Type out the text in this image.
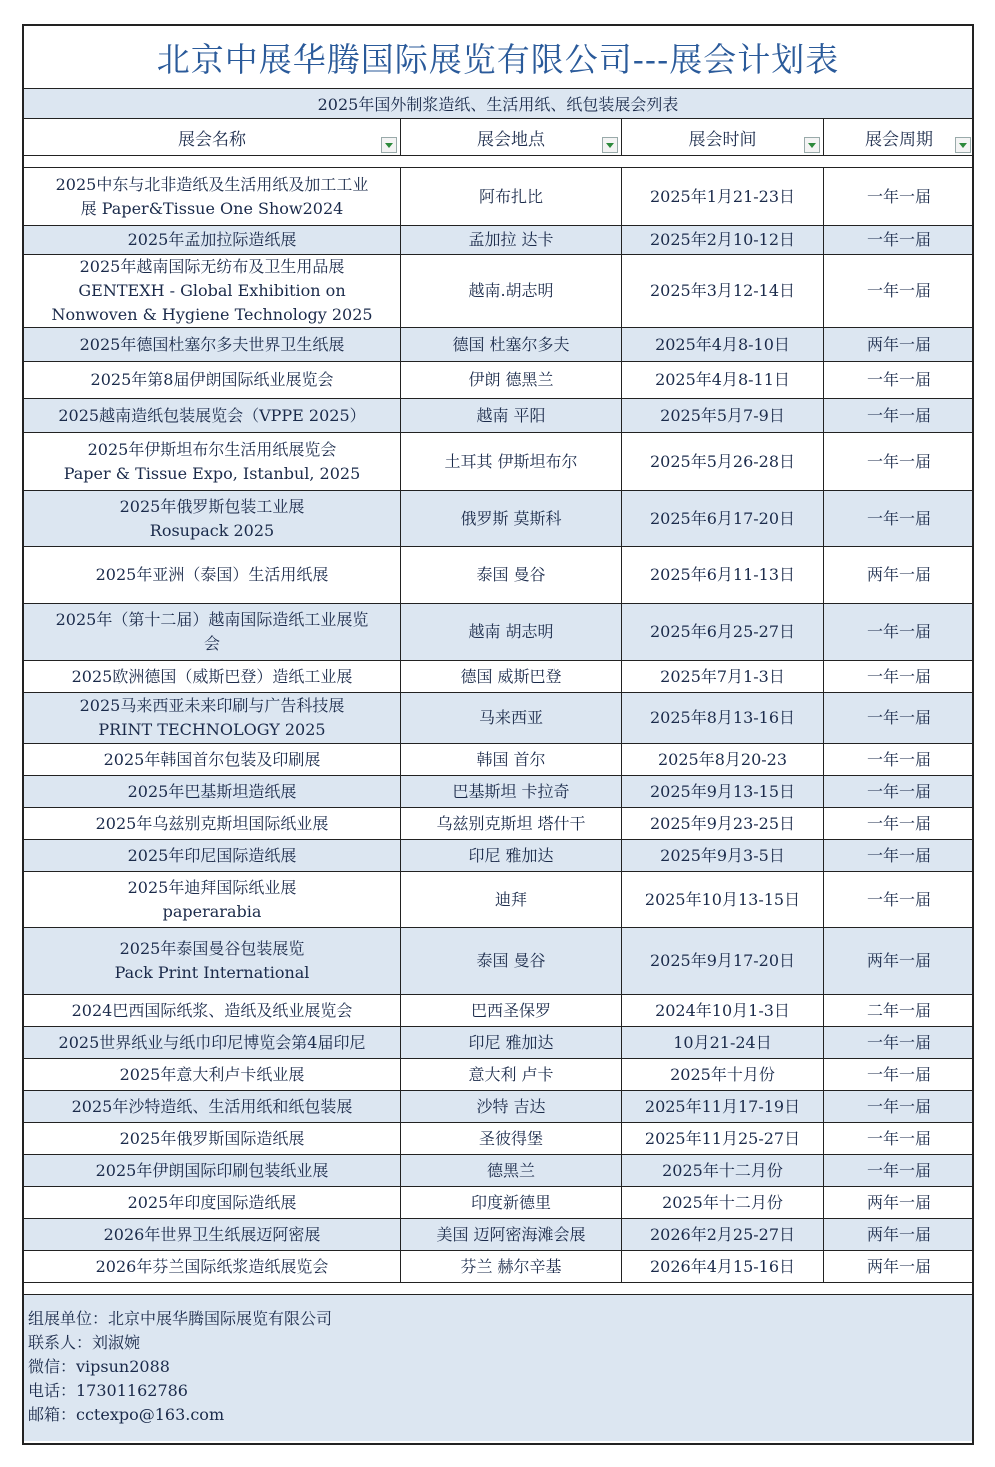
北京中展华腾国际展览有限公司---展会计划表
2025年国外制浆造纸、生活用纸、纸包装展会列表
展会名称	展会地点	展会时间	展会周期
2025中东与北非造纸及生活用纸及加工工业
展 Paper&Tissue One Show2024
阿布扎比	2025年1月21-23日	一年一届
2025年孟加拉际造纸展	孟加拉 达卡	2025年2月10-12日	一年一届
2025年越南国际无纺布及卫生用品展
GENTEXH - Global Exhibition on
Nonwoven & Hygiene Technology 2025
越南.胡志明	2025年3月12-14日	一年一届
2025年德国杜塞尔多夫世界卫生纸展	德国 杜塞尔多夫	2025年4月8-10日	两年一届
2025年第8届伊朗国际纸业展览会	伊朗 德黑兰	2025年4月8-11日	一年一届
2025越南造纸包装展览会（VPPE 2025）	越南 平阳	2025年5月7-9日	一年一届
2025年伊斯坦布尔生活用纸展览会
Paper & Tissue Expo, Istanbul, 2025
土耳其 伊斯坦布尔	2025年5月26-28日	一年一届
2025年俄罗斯包装工业展
Rosupack 2025
俄罗斯 莫斯科	2025年6月17-20日	一年一届
2025年亚洲（泰国）生活用纸展	泰国 曼谷	2025年6月11-13日	两年一届
2025年（第十二届）越南国际造纸工业展览
会
越南 胡志明	2025年6月25-27日	一年一届
2025欧洲德国（威斯巴登）造纸工业展	德国 威斯巴登	2025年7月1-3日	一年一届
2025马来西亚未来印刷与广告科技展
PRINT TECHNOLOGY 2025
马来西亚	2025年8月13-16日	一年一届
2025年韩国首尔包装及印刷展	韩国 首尔	2025年8月20-23	一年一届
2025年巴基斯坦造纸展	巴基斯坦 卡拉奇	2025年9月13-15日	一年一届
2025年乌兹别克斯坦国际纸业展	乌兹别克斯坦 塔什干	2025年9月23-25日	一年一届
2025年印尼国际造纸展	印尼 雅加达	2025年9月3-5日	一年一届
2025年迪拜国际纸业展
paperarabia
迪拜	2025年10月13-15日	一年一届
2025年泰国曼谷包装展览
Pack Print International
泰国 曼谷	2025年9月17-20日	两年一届
2024巴西国际纸浆、造纸及纸业展览会	巴西圣保罗	2024年10月1-3日	二年一届
2025世界纸业与纸巾印尼博览会第4届印尼	印尼 雅加达	10月21-24日	一年一届
2025年意大利卢卡纸业展	意大利 卢卡	2025年十月份	一年一届
2025年沙特造纸、生活用纸和纸包装展	沙特 吉达	2025年11月17-19日	一年一届
2025年俄罗斯国际造纸展	圣彼得堡	2025年11月25-27日	一年一届
2025年伊朗国际印刷包装纸业展	德黑兰	2025年十二月份	一年一届
2025年印度国际造纸展	印度新德里	2025年十二月份	两年一届
2026年世界卫生纸展迈阿密展	美国 迈阿密海滩会展	2026年2月25-27日	两年一届
2026年芬兰国际纸浆造纸展览会	芬兰 赫尔辛基	2026年4月15-16日	两年一届
组展单位：北京中展华腾国际展览有限公司
联系人：刘淑婉
微信：vipsun2088
电话：17301162786
邮箱：cctexpo@163.com
